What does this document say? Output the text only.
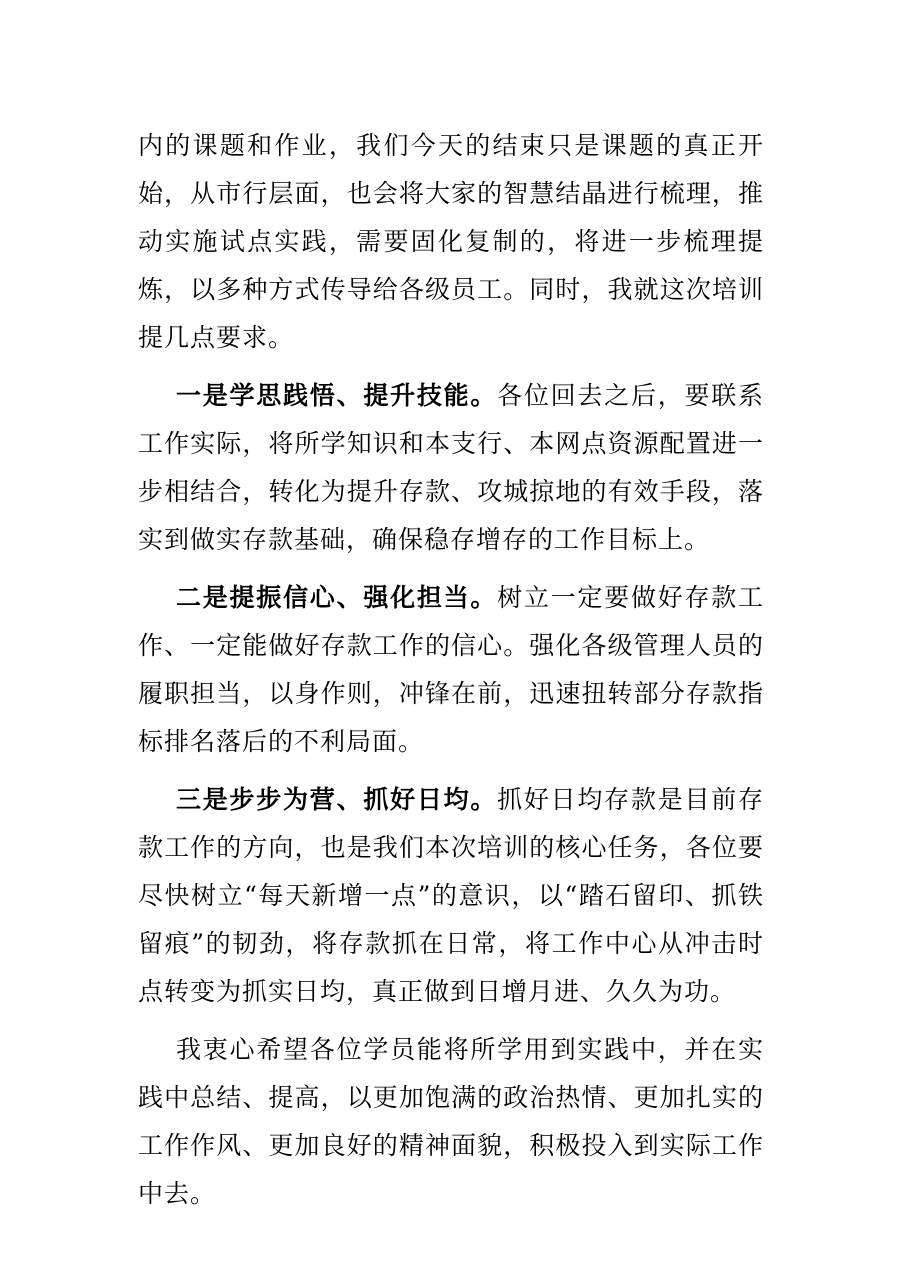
内的课题和作业，我们今天的结束只是课题的真正开始，从市行层面，也会将大家的智慧结晶进行梳理，推动实施试点实践，需要固化复制的，将进一步梳理提炼，以多种方式传导给各级员工。同时，我就这次培训提几点要求。

一是学思践悟、提升技能。各位回去之后，要联系工作实际，将所学知识和本支行、本网点资源配置进一步相结合，转化为提升存款、攻城掠地的有效手段，落实到做实存款基础，确保稳存增存的工作目标上。

二是提振信心、强化担当。树立一定要做好存款工作、一定能做好存款工作的信心。强化各级管理人员的履职担当，以身作则，冲锋在前，迅速扭转部分存款指标排名落后的不利局面。

三是步步为营、抓好日均。抓好日均存款是目前存款工作的方向，也是我们本次培训的核心任务，各位要尽快树立“每天新增一点”的意识，以“踏石留印、抓铁留痕”的韧劲，将存款抓在日常，将工作中心从冲击时点转变为抓实日均，真正做到日增月进、久久为功。

我衷心希望各位学员能将所学用到实践中，并在实践中总结、提高，以更加饱满的政治热情、更加扎实的工作作风、更加良好的精神面貌，积极投入到实际工作中去。
